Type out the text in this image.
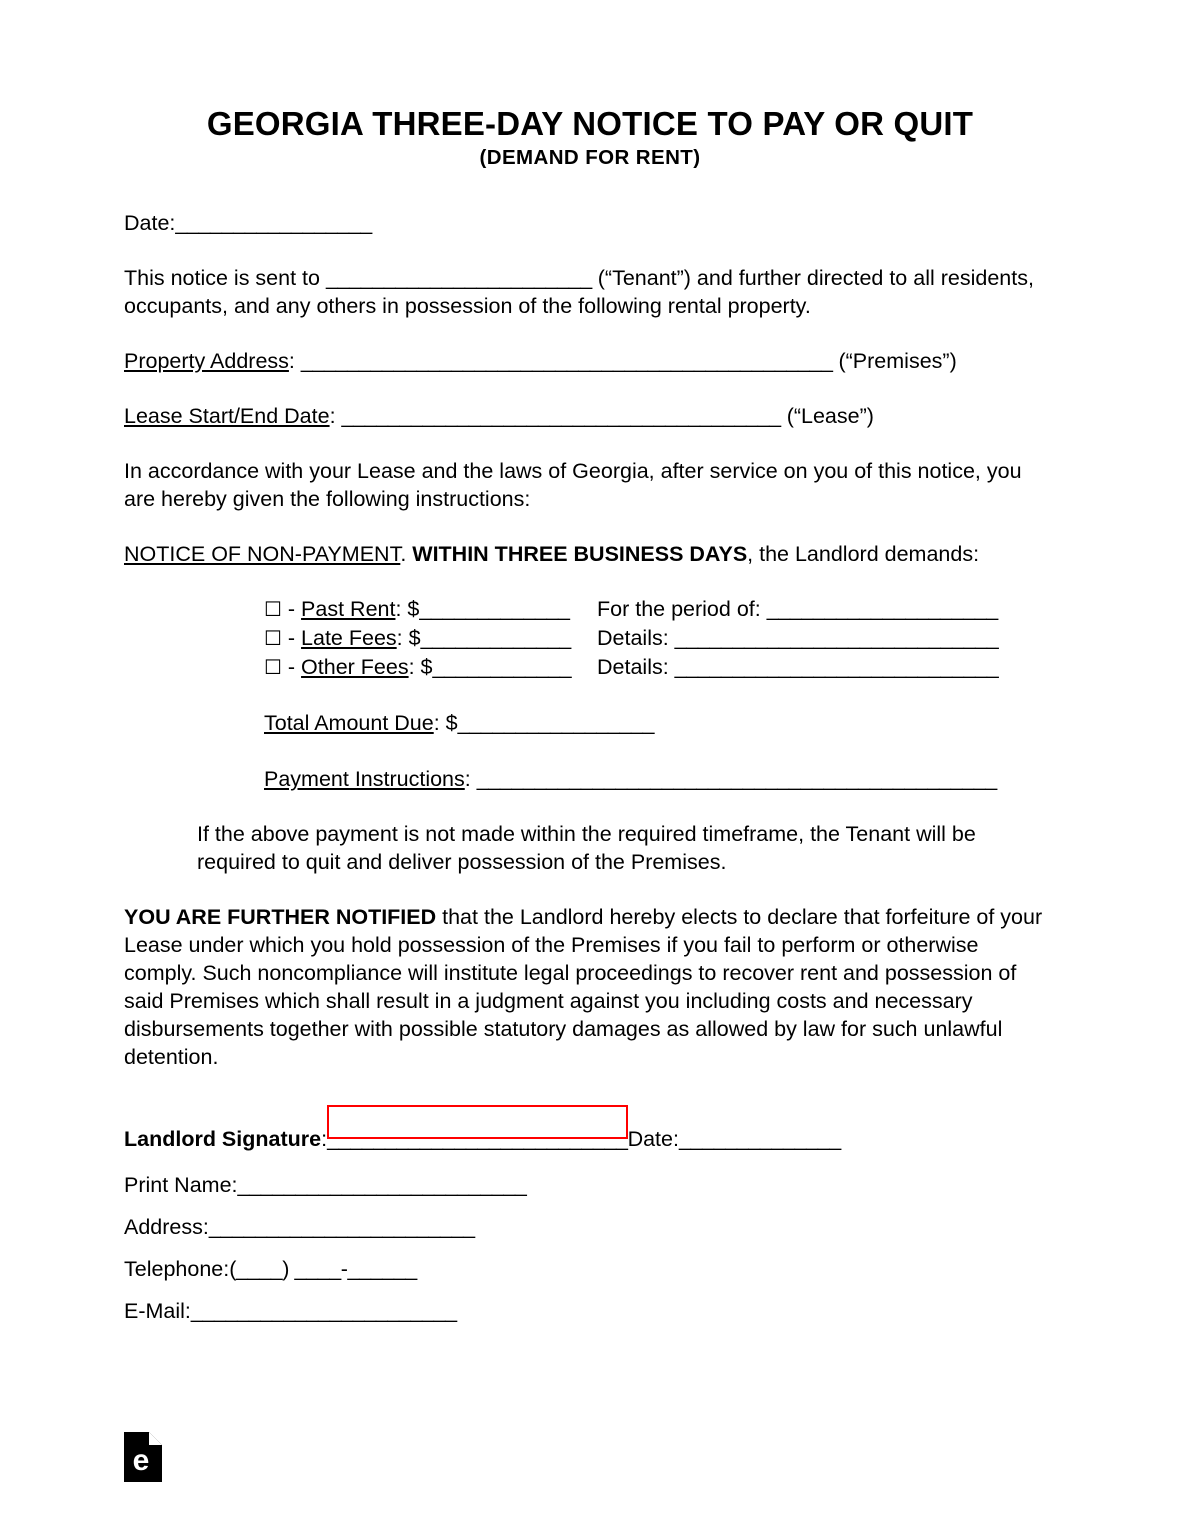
GEORGIA THREE-DAY NOTICE TO PAY OR QUIT
(DEMAND FOR RENT)
Date:_________________
This notice is sent to _______________________ (“Tenant”) and further directed to all residents, occupants, and any others in possession of the following rental property.
Property Address: ______________________________________________ (“Premises”)
Lease Start/End Date: ______________________________________ (“Lease”)
In accordance with your Lease and the laws of Georgia, after service on you of this notice, you are hereby given the following instructions:
NOTICE OF NON-PAYMENT. WITHIN THREE BUSINESS DAYS, the Landlord demands:
☐ - Past Rent: $_____________	For the period of: ____________________
☐ - Late Fees: $_____________	Details: ____________________________
☐ - Other Fees: $____________	Details: ____________________________
Total Amount Due: $_________________
Payment Instructions: _____________________________________________
If the above payment is not made within the required timeframe, the Tenant will be required to quit and deliver possession of the Premises.
YOU ARE FURTHER NOTIFIED that the Landlord hereby elects to declare that forfeiture of your Lease under which you hold possession of the Premises if you fail to perform or otherwise comply. Such noncompliance will institute legal proceedings to recover rent and possession of said Premises which shall result in a judgment against you including costs and necessary disbursements together with possible statutory damages as allowed by law for such unlawful detention.
Landlord Signature : __________________________ Date: ______________
Print Name: _________________________
Address: _______________________
Telephone: (____) ____-______
E-Mail: _______________________
e
